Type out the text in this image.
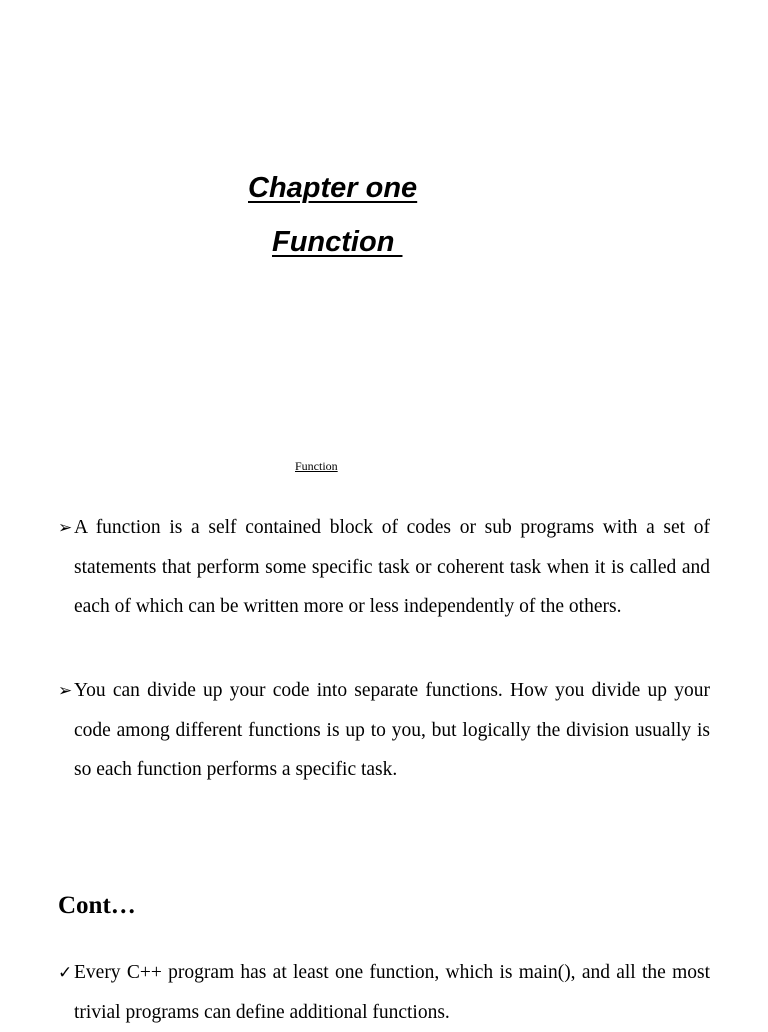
Chapter one
Function

Function

➢A function is a self contained block of codes or sub programs with a set of statements that perform some specific task or coherent task when it is called and each of which can be written more or less independently of the others.

➢You can divide up your code into separate functions. How you divide up your code among different functions is up to you, but logically the division usually is so each function performs a specific task.

Cont…

✓Every C++ program has at least one function, which is main(), and all the most trivial programs can define additional functions.
